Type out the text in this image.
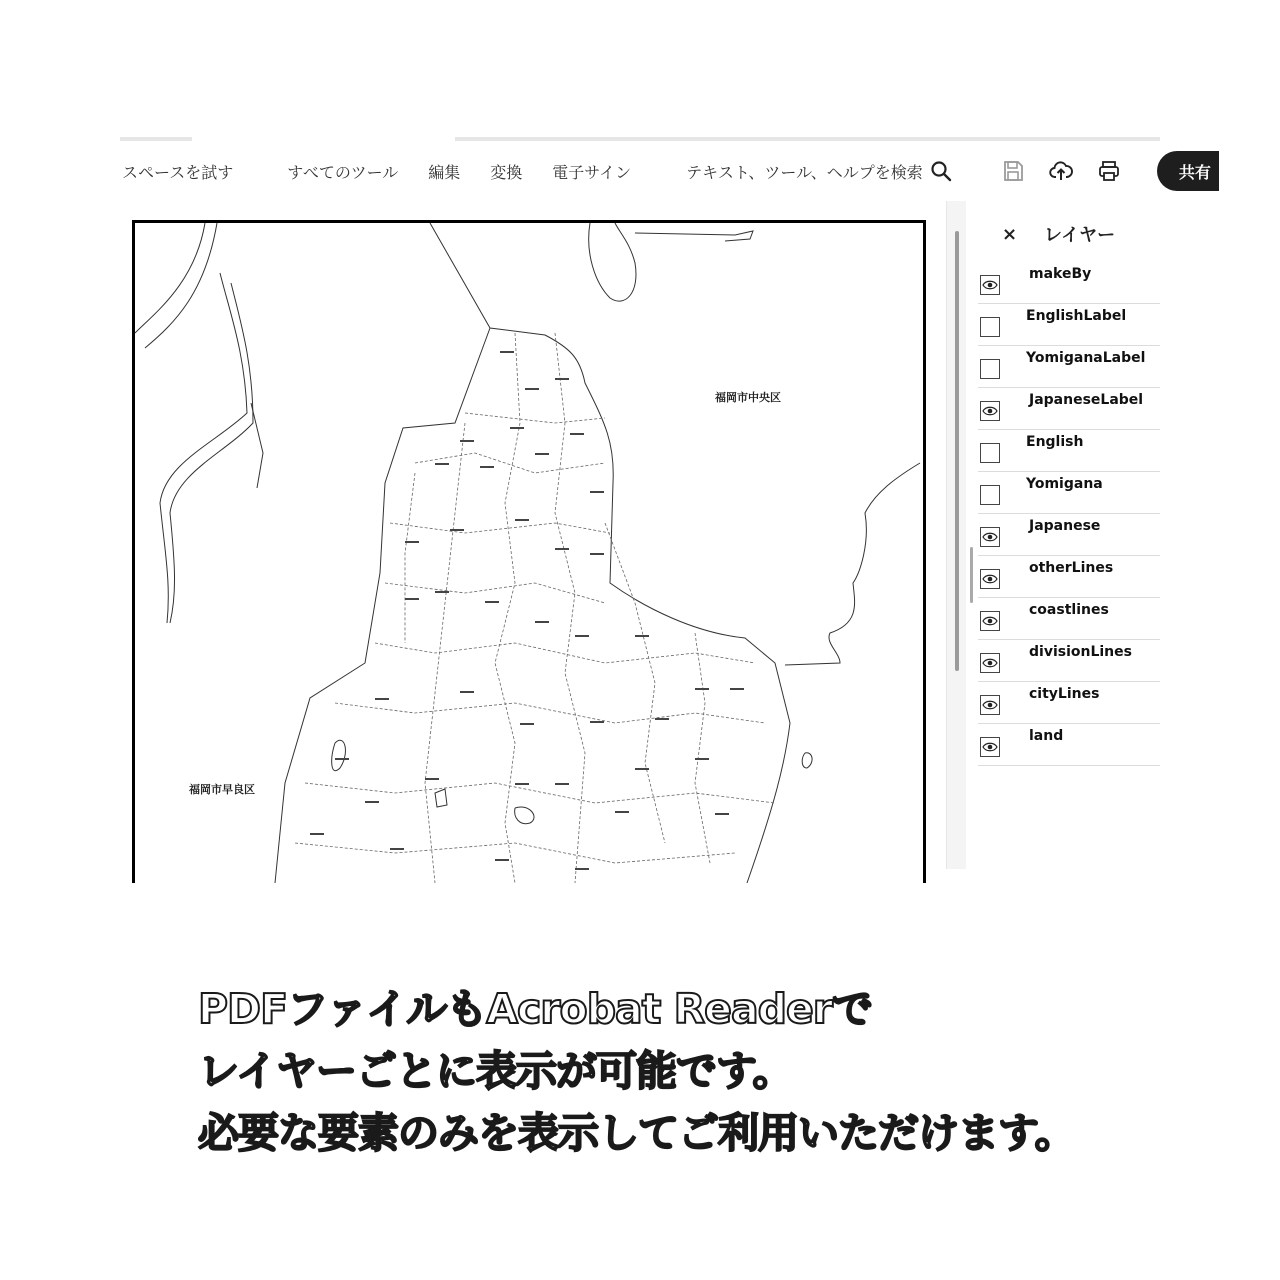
スペースを試す	すべてのツール	編集	変換	電子サイン	テキスト、ツール、ヘルプを検索	共有
福岡市中央区
福岡市早良区
× レイヤー
makeBy
EnglishLabel
YomiganaLabel
JapaneseLabel
English
Yomigana
Japanese
otherLines
coastlines
divisionLines
cityLines
land
PDFファイルもAcrobat Readerで
レイヤーごとに表示が可能です。
必要な要素のみを表示してご利用いただけます。
